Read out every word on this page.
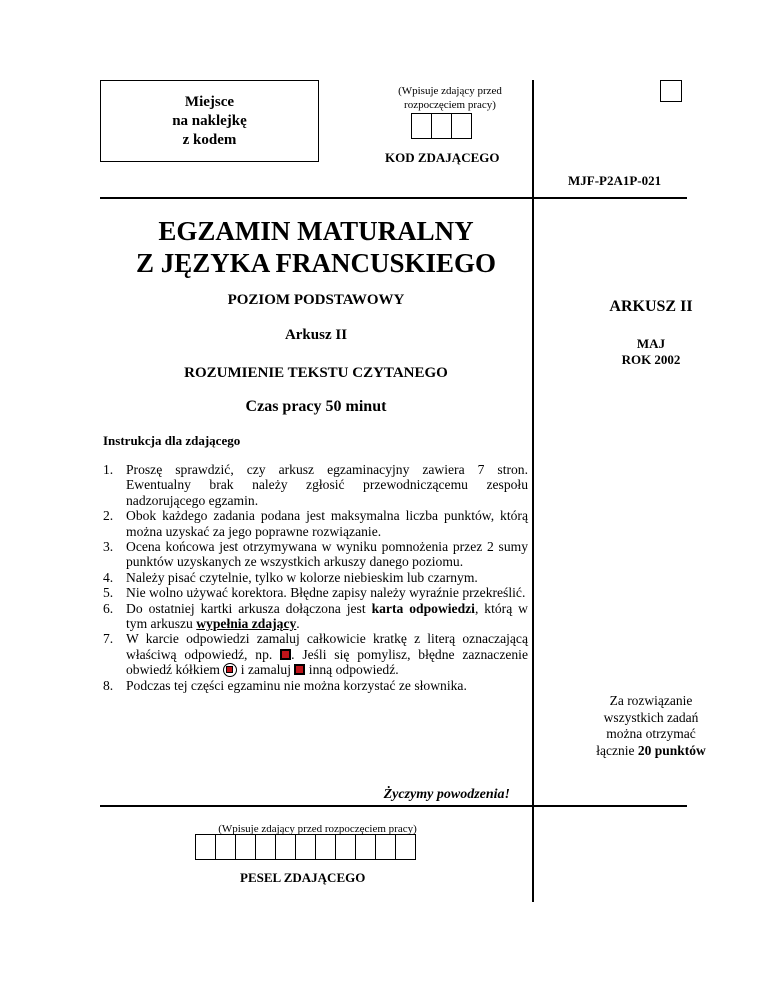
Miejsce
na naklejkę
z kodem
(Wpisuje zdający przed
rozpoczęciem pracy)
KOD ZDAJĄCEGO
MJF-P2A1P-021
EGZAMIN MATURALNY
Z JĘZYKA FRANCUSKIEGO
POZIOM PODSTAWOWY
Arkusz II
ROZUMIENIE TEKSTU CZYTANEGO
Czas pracy 50 minut
Instrukcja dla zdającego
1. Proszę sprawdzić, czy arkusz egzaminacyjny zawiera 7 stron. Ewentualny brak należy zgłosić przewodniczącemu zespołu nadzorującego egzamin.
2. Obok każdego zadania podana jest maksymalna liczba punktów, którą można uzyskać za jego poprawne rozwiązanie.
3. Ocena końcowa jest otrzymywana w wyniku pomnożenia przez 2 sumy punktów uzyskanych ze wszystkich arkuszy danego poziomu.
4. Należy pisać czytelnie, tylko w kolorze niebieskim lub czarnym.
5. Nie wolno używać korektora. Błędne zapisy należy wyraźnie przekreślić.
6. Do ostatniej kartki arkusza dołączona jest karta odpowiedzi, którą w tym arkuszu wypełnia zdający.
7. W karcie odpowiedzi zamaluj całkowicie kratkę z literą oznaczającą właściwą odpowiedź, np. . Jeśli się pomylisz, błędne zaznaczenie obwiedź kółkiem
i zamaluj  inną odpowiedź.
8. Podczas tej części egzaminu nie można korzystać ze słownika.
Życzymy powodzenia!
(Wpisuje zdający przed rozpoczęciem pracy)
PESEL ZDAJĄCEGO
ARKUSZ II
MAJ
ROK 2002
Za rozwiązanie
wszystkich zadań
można otrzymać
łącznie 20 punktów
